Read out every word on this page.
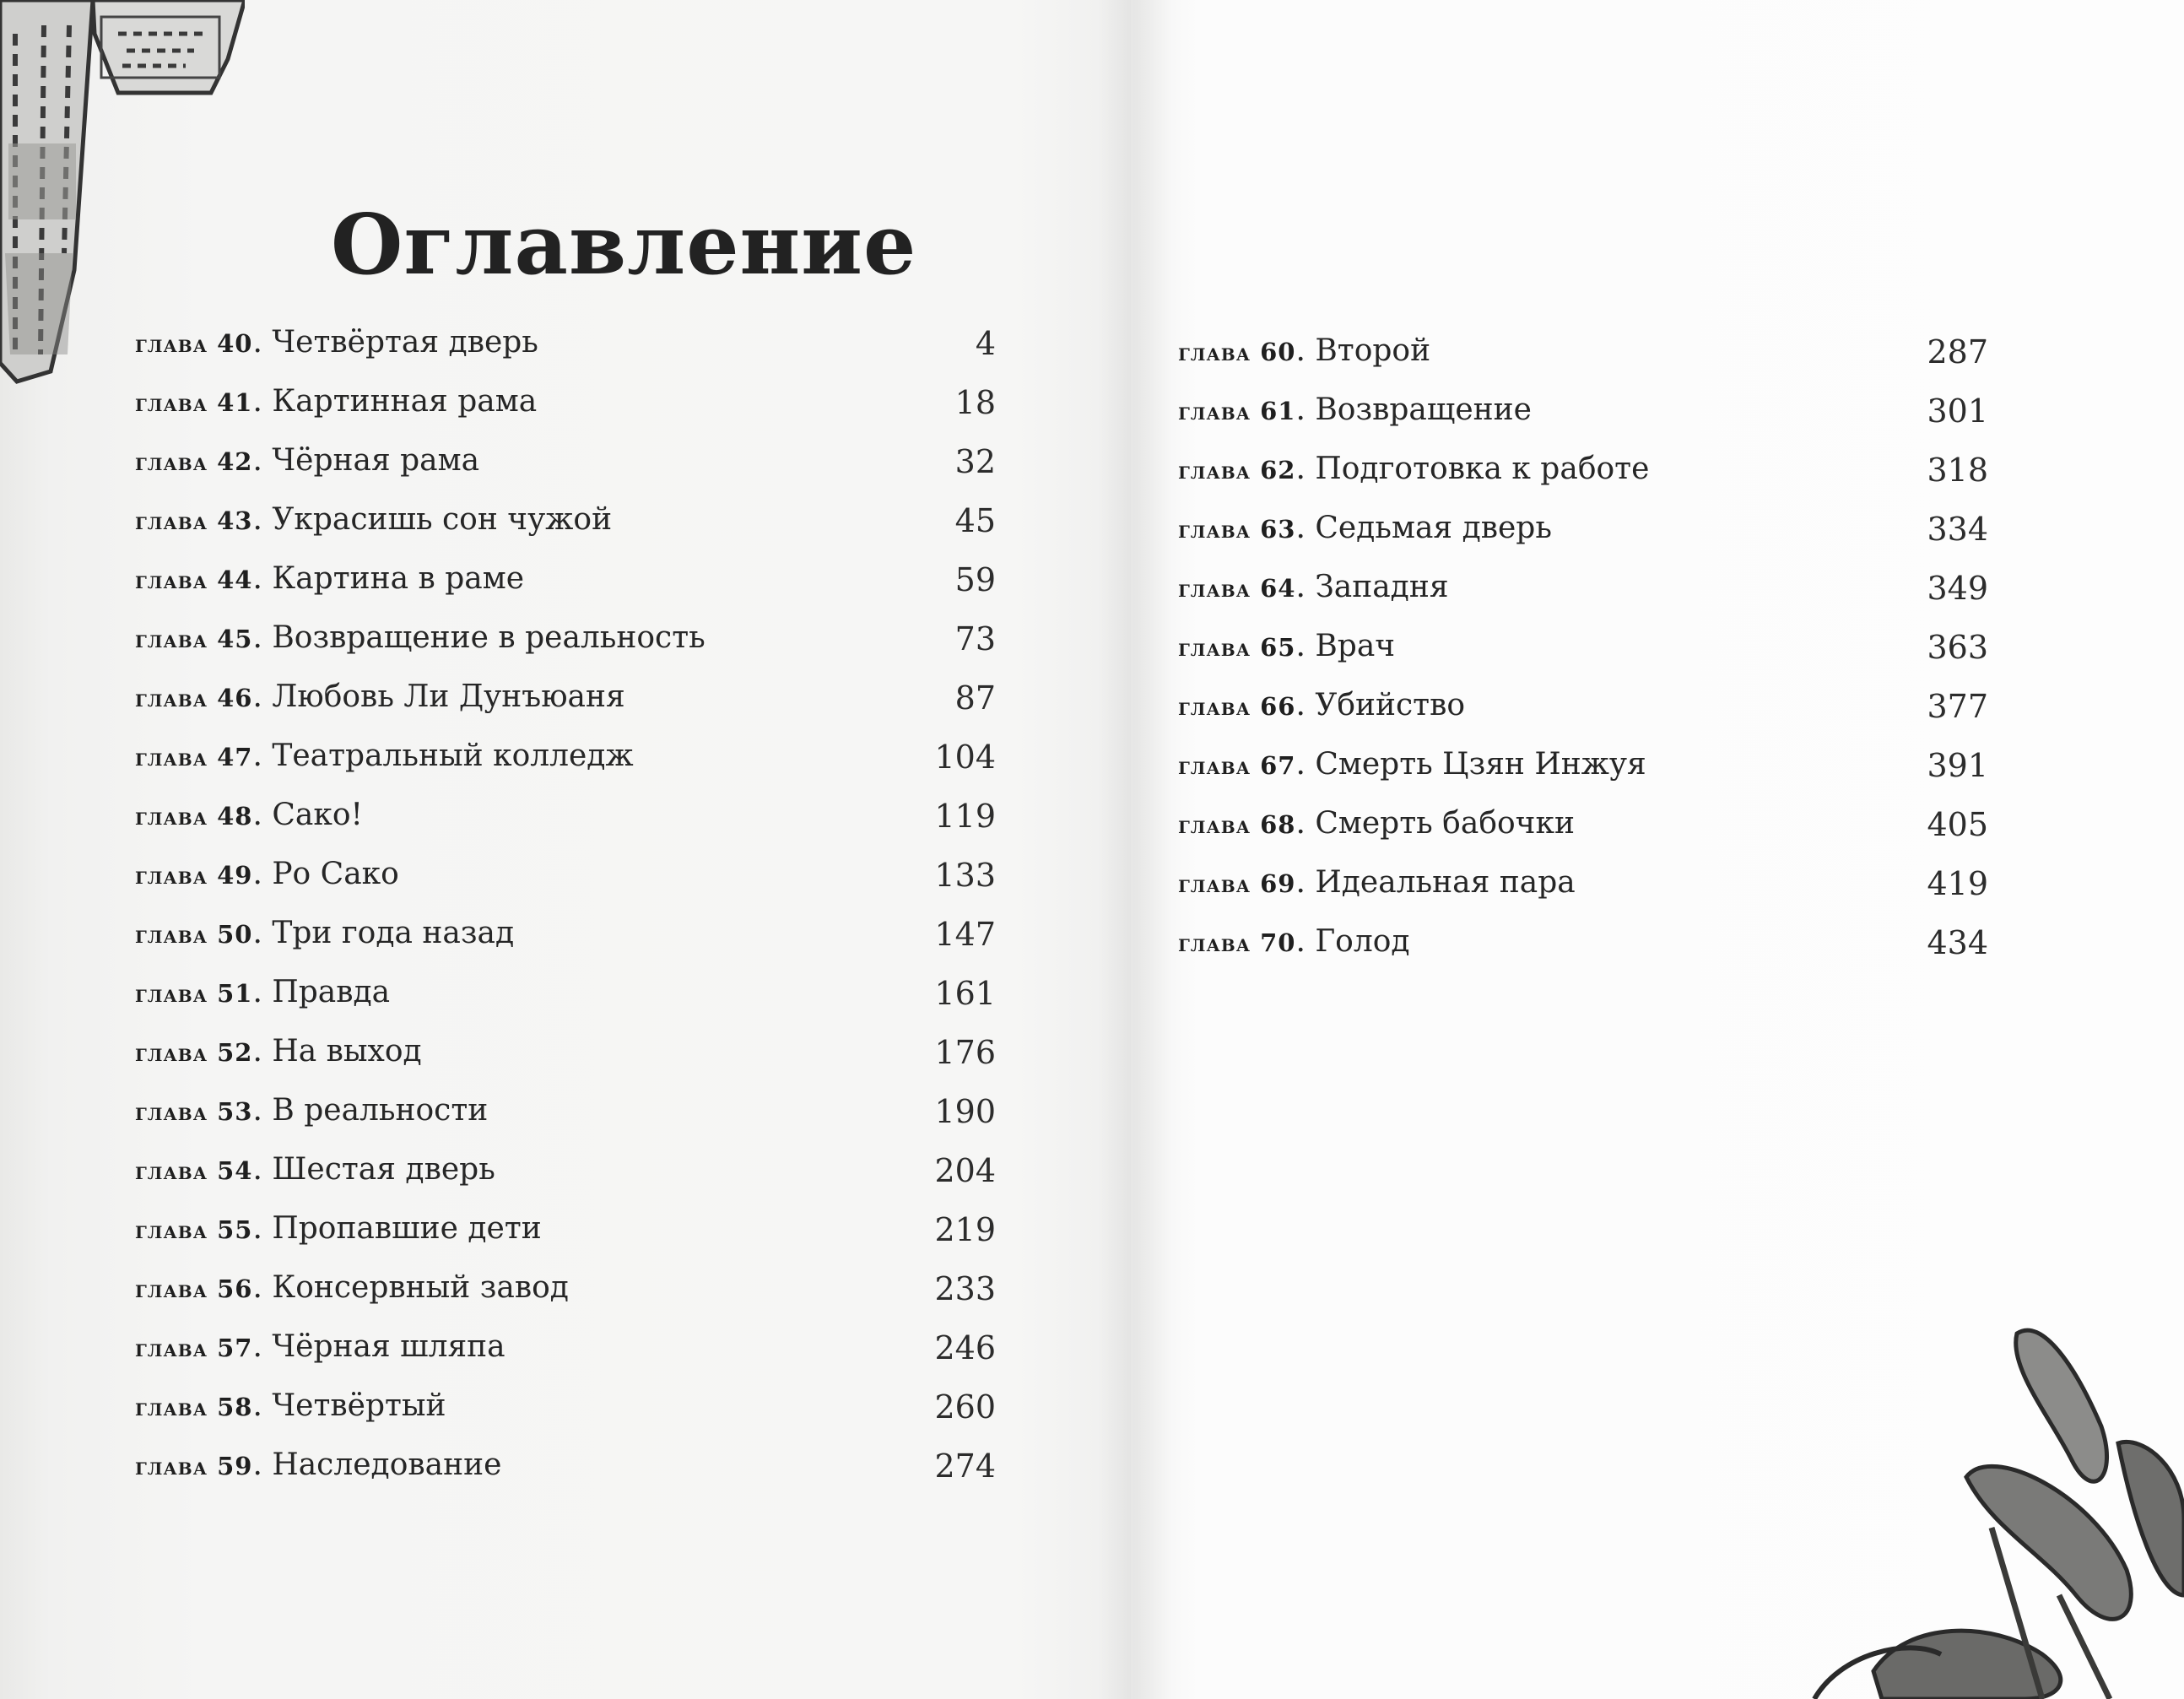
Оглавление
глава 40. Четвёртая дверь	4
глава 41. Картинная рама	18
глава 42. Чёрная рама	32
глава 43. Украсишь сон чужой	45
глава 44. Картина в раме	59
глава 45. Возвращение в реальность	73
глава 46. Любовь Ли Дунъюаня	87
глава 47. Театральный колледж	104
глава 48. Сако!	119
глава 49. Ро Сако	133
глава 50. Три года назад	147
глава 51. Правда	161
глава 52. На выход	176
глава 53. В реальности	190
глава 54. Шестая дверь	204
глава 55. Пропавшие дети	219
глава 56. Консервный завод	233
глава 57. Чёрная шляпа	246
глава 58. Четвёртый	260
глава 59. Наследование	274
глава 60. Второй	287
глава 61. Возвращение	301
глава 62. Подготовка к работе	318
глава 63. Седьмая дверь	334
глава 64. Западня	349
глава 65. Врач	363
глава 66. Убийство	377
глава 67. Смерть Цзян Инжуя	391
глава 68. Смерть бабочки	405
глава 69. Идеальная пара	419
глава 70. Голод	434
